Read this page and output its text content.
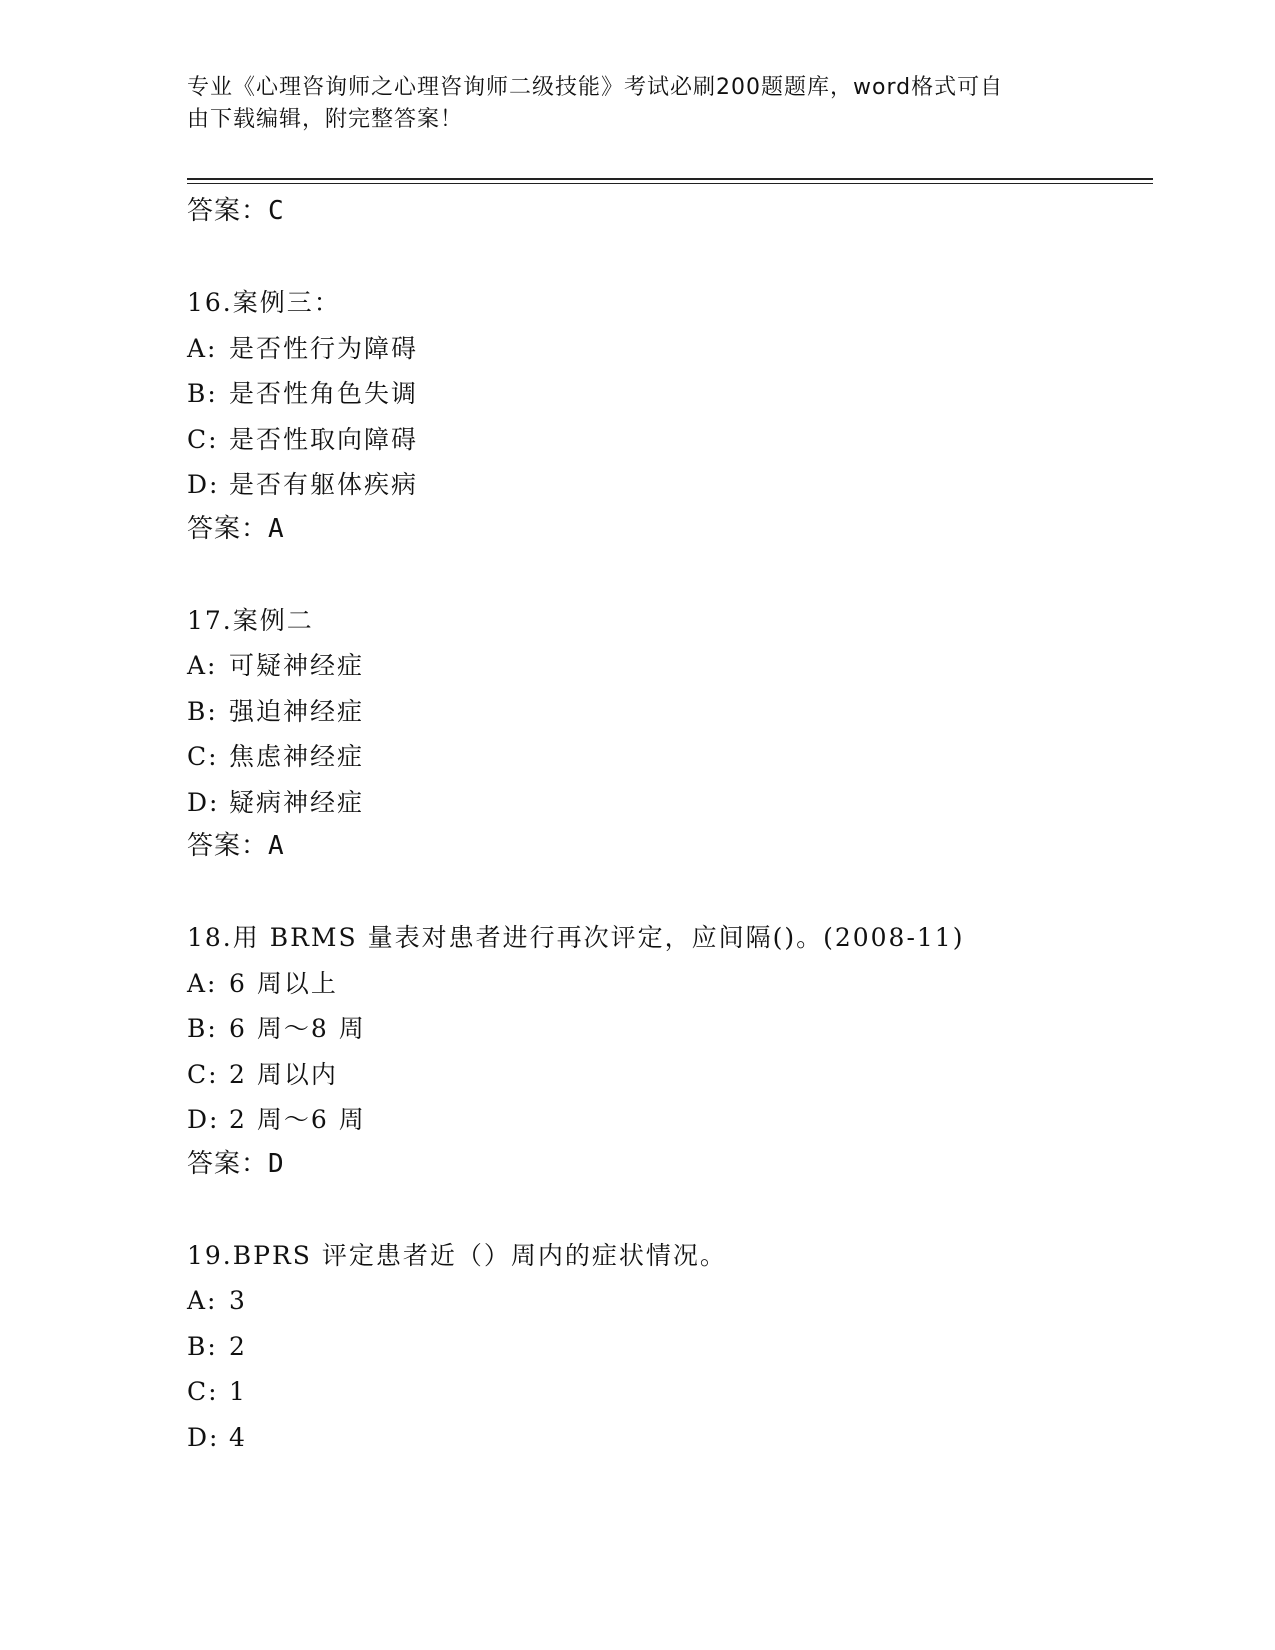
专业《心理咨询师之心理咨询师二级技能》考试必刷200题题库，word格式可自
由下载编辑，附完整答案！
答案：C
16.案例三：
A: 是否性行为障碍
B: 是否性角色失调
C: 是否性取向障碍
D: 是否有躯体疾病
答案：A
17.案例二
A: 可疑神经症
B: 强迫神经症
C: 焦虑神经症
D: 疑病神经症
答案：A
18.用 BRMS 量表对患者进行再次评定，应间隔()。(2008-11)
A: 6 周以上
B: 6 周～8 周
C: 2 周以内
D: 2 周～6 周
答案：D
19.BPRS 评定患者近（）周内的症状情况。
A: 3
B: 2
C: 1
D: 4
